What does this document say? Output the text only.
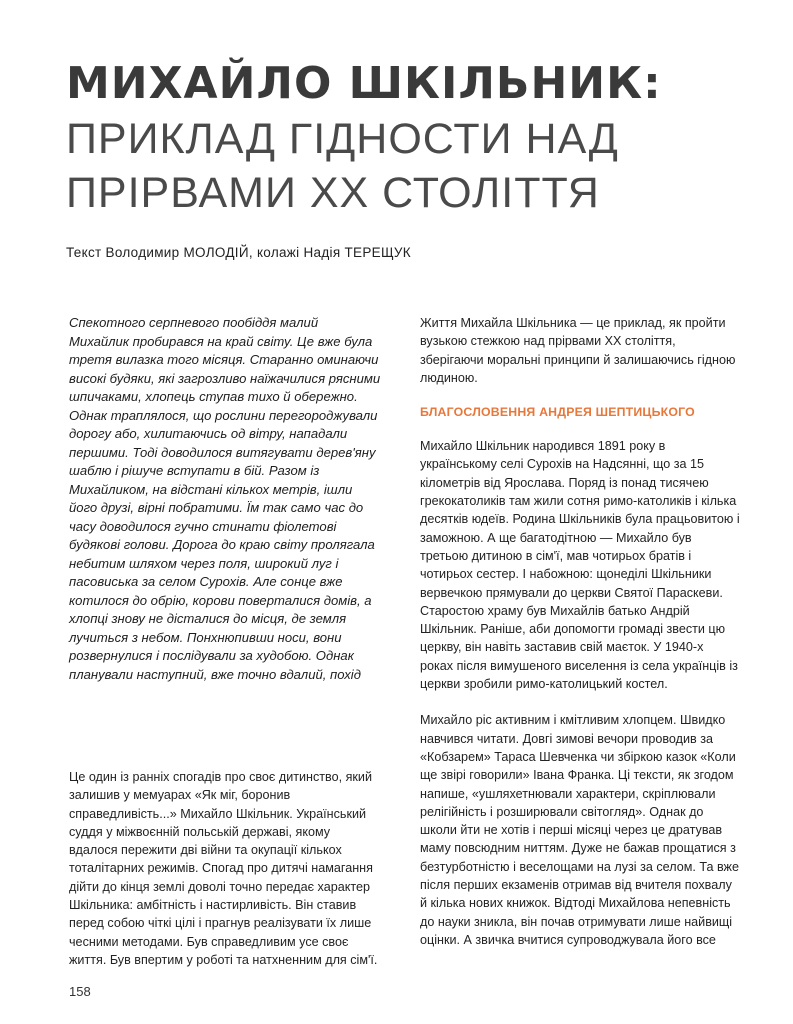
МИХАЙЛО ШКІЛЬНИК:
ПРИКЛАД ГІДНОСТИ НАД
ПРІРВАМИ ХХ СТОЛІТТЯ
Текст Володимир МОЛОДІЙ, колажі Надія ТЕРЕЩУК

Спекотного серпневого пообіддя малий Михайлик пробирався на край світу. Це вже була третя вилазка того місяця. Старанно оминаючи високі будяки, які загрозливо наїжачилися рясними шпичаками, хлопець ступав тихо й обережно. Однак траплялося, що рослини перегороджували дорогу або, хилитаючись од вітру, нападали першими. Тоді доводилося витягувати дерев'яну шаблю і рішуче вступати в бій. Разом із Михайликом, на відстані кількох метрів, ішли його друзі, вірні побратими. Їм так само час до часу доводилося гучно стинати фіолетові будякові голови. Дорога до краю світу пролягала небитим шляхом через поля, широкий луг і пасовиська за селом Сурохів. Але сонце вже котилося до обрію, корови поверталися домів, а хлопці знову не дісталися до місця, де земля лучиться з небом. Понхнюпивши носи, вони розвернулися і послідували за худобою. Однак планували наступний, вже точно вдалий, похід

Це один із ранніх спогадів про своє дитинство, який залишив у мемуарах «Як міг, боронив справедливість...» Михайло Шкільник. Український суддя у міжвоєнній польській державі, якому вдалося пережити дві війни та окупації кількох тоталітарних режимів. Спогад про дитячі намагання дійти до кінця землі доволі точно передає характер Шкільника: амбітність і настирливість. Він ставив перед собою чіткі цілі і прагнув реалізувати їх лише чесними методами. Був справедливим усе своє життя. Був впертим у роботі та натхненним для сім'ї.

Життя Михайла Шкільника — це приклад, як пройти вузькою стежкою над прірвами ХХ століття, зберігаючи моральні принципи й залишаючись гідною людиною.

БЛАГОСЛОВЕННЯ АНДРЕЯ ШЕПТИЦЬКОГО

Михайло Шкільник народився 1891 року в українському селі Сурохів на Надсянні, що за 15 кілометрів від Ярослава. Поряд із понад тисячею грекокатоликів там жили сотня римо-католиків і кілька десятків юдеїв. Родина Шкільників була працьовитою і заможною. А ще багатодітною — Михайло був третьою дитиною в сім'ї, мав чотирьох братів і чотирьох сестер. І набожною: щонеділі Шкільники вервечкою прямували до церкви Святої Параскеви. Старостою храму був Михайлів батько Андрій Шкільник. Раніше, аби допомогти громаді звести цю церкву, він навіть заставив свій маєток. У 1940-х роках після вимушеного виселення із села українців із церкви зробили римо-католицький костел.

Михайло ріс активним і кмітливим хлопцем. Швидко навчився читати. Довгі зимові вечори проводив за «Кобзарем» Тараса Шевченка чи збіркою казок «Коли ще звірі говорили» Івана Франка. Ці тексти, як згодом напише, «ушляхетнювали характери, скріплювали релігійність і розширювали світогляд». Однак до школи йти не хотів і перші місяці через це дратував маму повсюдним ниттям. Дуже не бажав прощатися з безтурботністю і веселощами на лузі за селом. Та вже після перших екзаменів отримав від вчителя похвалу й кілька нових книжок. Відтоді Михайлова непевність до науки зникла, він почав отримувати лише найвищі оцінки. А звичка вчитися супроводжувала його все

158
